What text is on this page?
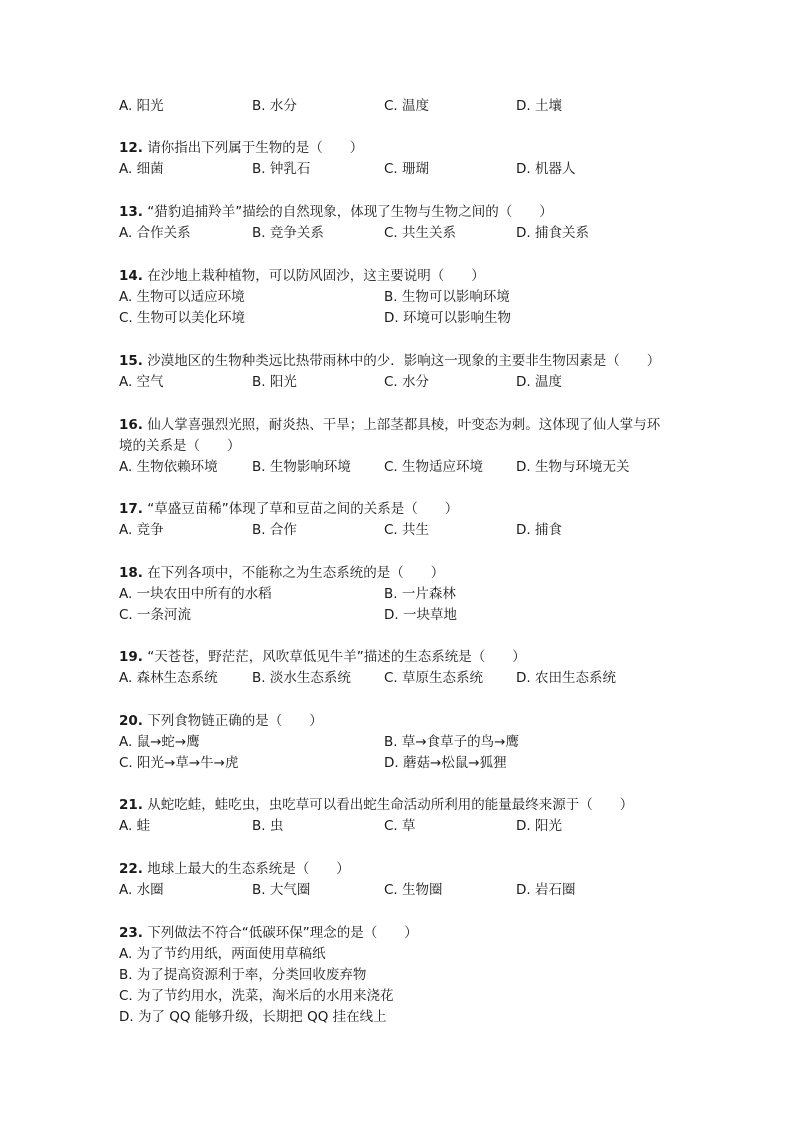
A. 阳光	B. 水分	C. 温度	D. 土壤
12. 请你指出下列属于生物的是（　　）
A. 细菌	B. 钟乳石	C. 珊瑚	D. 机器人
13. “猎豹追捕羚羊”描绘的自然现象，体现了生物与生物之间的（　　）
A. 合作关系	B. 竞争关系	C. 共生关系	D. 捕食关系
14. 在沙地上栽种植物，可以防风固沙，这主要说明（　　）
A. 生物可以适应环境	B. 生物可以影响环境
C. 生物可以美化环境	D. 环境可以影响生物
15. 沙漠地区的生物种类远比热带雨林中的少．影响这一现象的主要非生物因素是（　　）
A. 空气	B. 阳光	C. 水分	D. 温度
16. 仙人掌喜强烈光照，耐炎热、干旱；上部茎都具棱，叶变态为刺。这体现了仙人掌与环
境的关系是（　　）
A. 生物依赖环境	B. 生物影响环境 C. 生物适应环境 D. 生物与环境无关
17. “草盛豆苗稀”体现了草和豆苗之间的关系是（　　）
A. 竞争	B. 合作	C. 共生	D. 捕食
18. 在下列各项中，不能称之为生态系统的是（　　）
A. 一块农田中所有的水稻	B. 一片森林
C. 一条河流	D. 一块草地
19. “天苍苍，野茫茫，风吹草低见牛羊”描述的生态系统是（　　）
A. 森林生态系统	B. 淡水生态系统 C. 草原生态系统 D. 农田生态系统
20. 下列食物链正确的是（　　）
A. 鼠→蛇→鹰	B. 草→食草子的鸟→鹰
C. 阳光→草→牛→虎	D. 蘑菇→松鼠→狐狸
21. 从蛇吃蛙，蛙吃虫，虫吃草可以看出蛇生命活动所利用的能量最终来源于（　　）
A. 蛙	B. 虫	C. 草	D. 阳光
22. 地球上最大的生态系统是（　　）
A. 水圈	B. 大气圈	C. 生物圈	D. 岩石圈
23. 下列做法不符合“低碳环保”理念的是（　　）
A. 为了节约用纸，两面使用草稿纸
B. 为了提高资源利于率，分类回收废弃物
C. 为了节约用水，洗菜，淘米后的水用来浇花
D. 为了 QQ 能够升级，长期把 QQ 挂在线上
